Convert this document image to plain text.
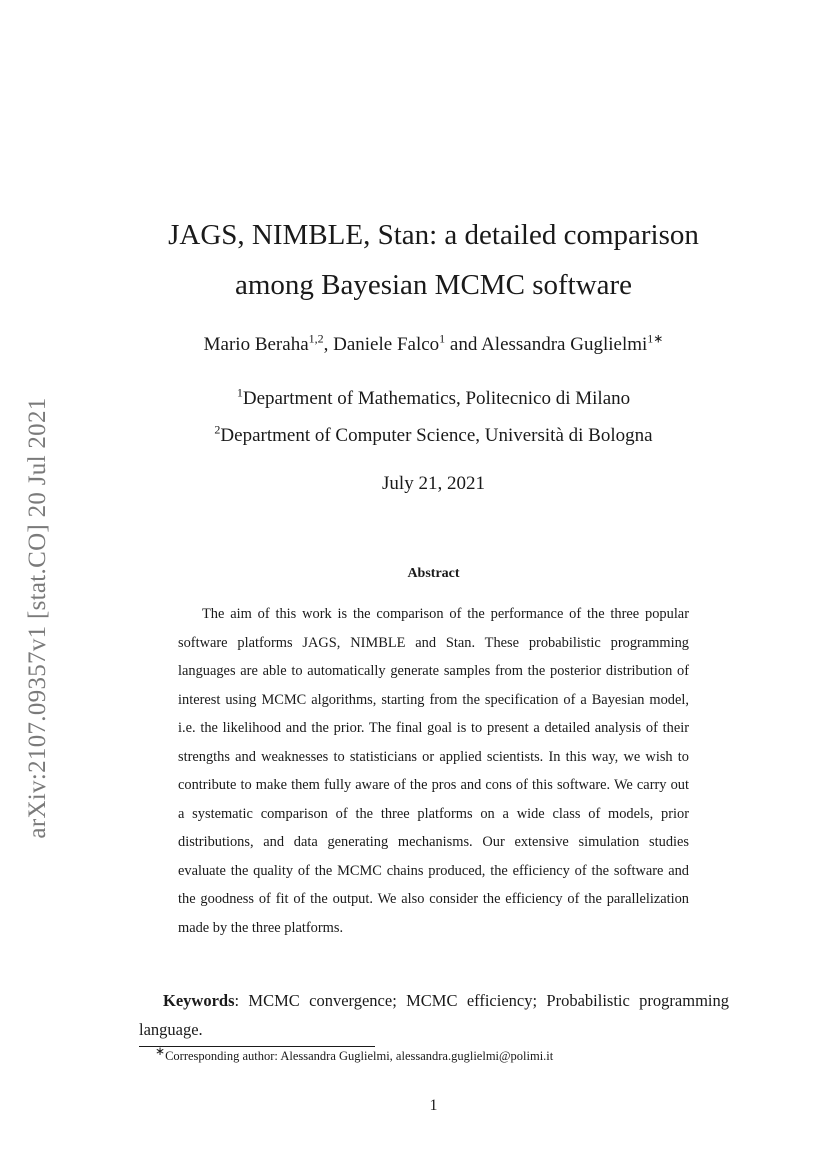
arXiv:2107.09357v1 [stat.CO] 20 Jul 2021
JAGS, NIMBLE, Stan: a detailed comparison
among Bayesian MCMC software
Mario Beraha$^{1,2}$, Daniele Falco$^1$ and Alessandra Guglielmi$^{1∗}$
$^1$Department of Mathematics, Politecnico di Milano
$^2$Department of Computer Science, Università di Bologna
July 21, 2021
Abstract
The aim of this work is the comparison of the performance of the three popular software platforms JAGS, NIMBLE and Stan. These probabilistic programming languages are able to automatically generate samples from the posterior distribution of interest using MCMC algorithms, starting from the specification of a Bayesian model, i.e. the likelihood and the prior. The final goal is to present a detailed analysis of their strengths and weaknesses to statisticians or applied scientists. In this way, we wish to contribute to make them fully aware of the pros and cons of this software. We carry out a systematic comparison of the three platforms on a wide class of models, prior distributions, and data generating mechanisms. Our extensive simulation studies evaluate the quality of the MCMC chains produced, the efficiency of the software and the goodness of fit of the output. We also consider the efficiency of the parallelization made by the three platforms.
Keywords: MCMC convergence; MCMC efficiency; Probabilistic programming language.
∗Corresponding author: Alessandra Guglielmi, alessandra.guglielmi@polimi.it
1
